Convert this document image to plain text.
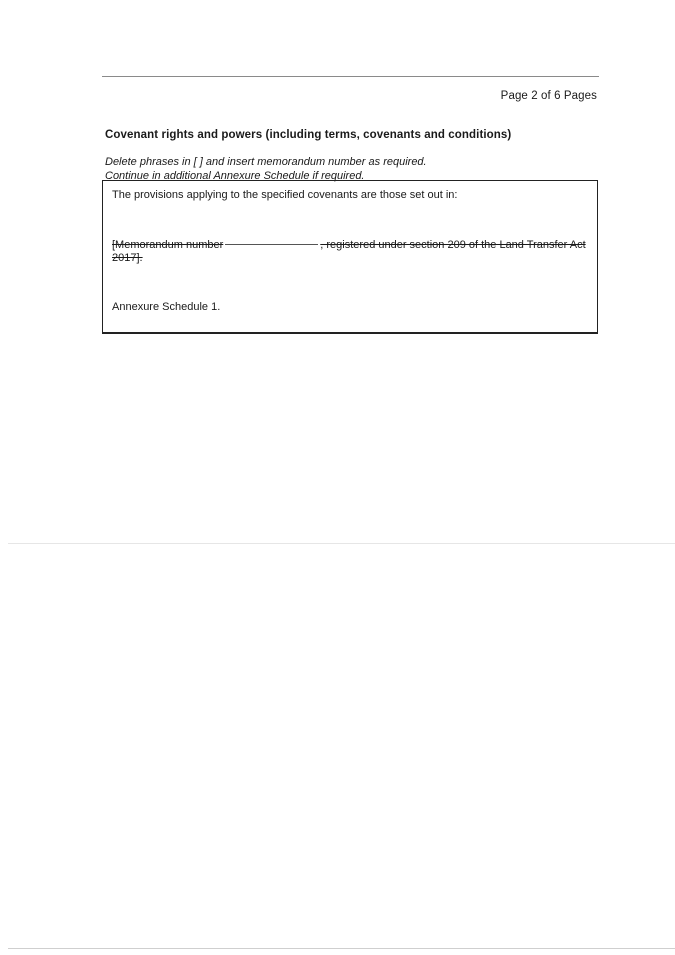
Page 2 of 6 Pages
Covenant rights and powers (including terms, covenants and conditions)
Delete phrases in [ ] and insert memorandum number as required.
Continue in additional Annexure Schedule if required.
The provisions applying to the specified covenants are those set out in:
[Memorandum number	, registered under section 209 of the Land Transfer Act 2017].
Annexure Schedule 1.
